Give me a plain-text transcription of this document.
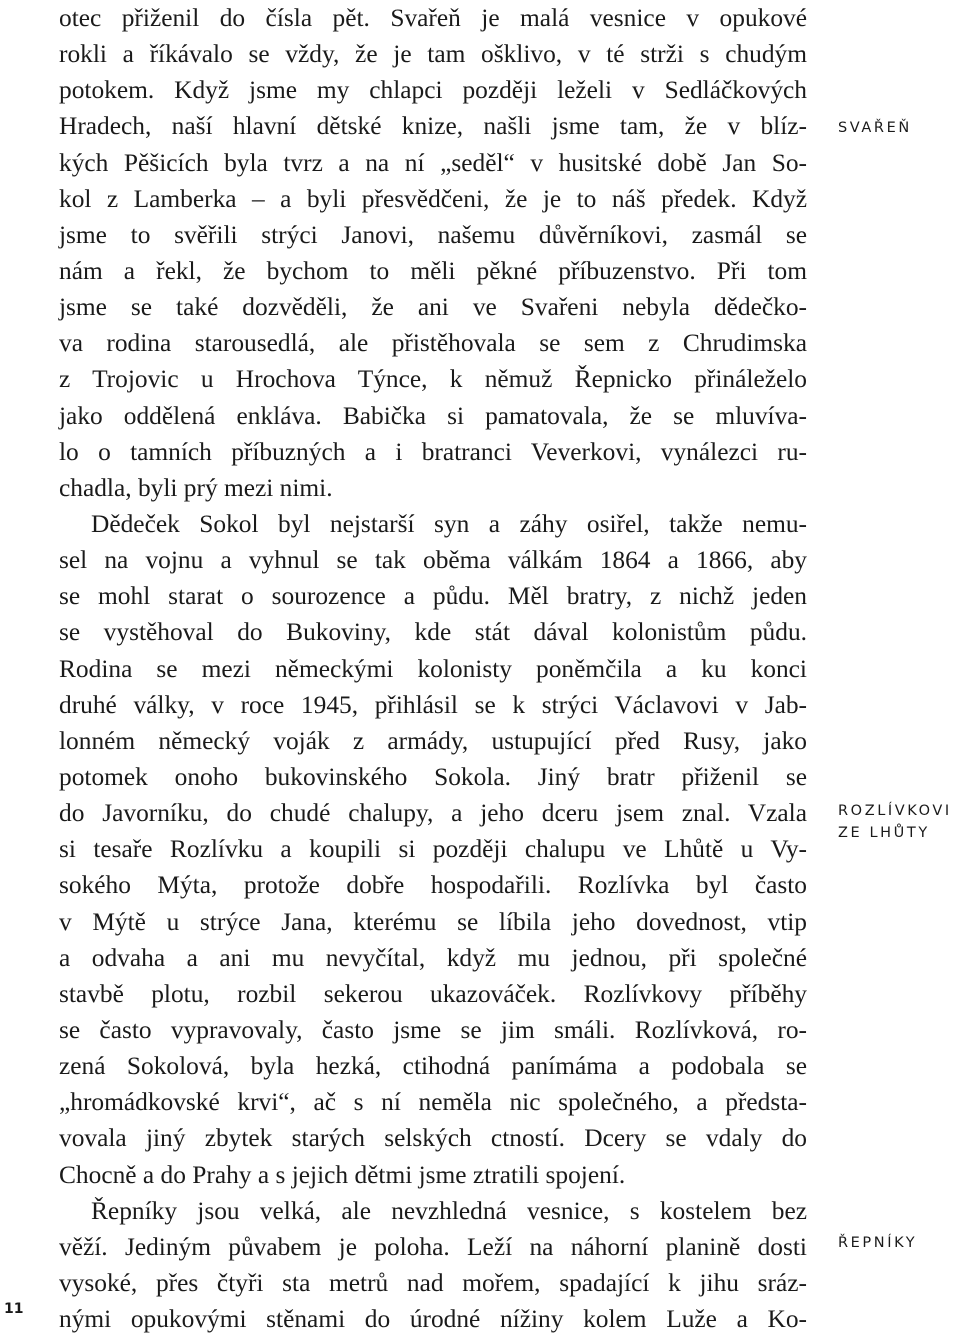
otec přiženil do čísla pět. Svařeň je malá vesnice v opukové
rokli a říkávalo se vždy, že je tam ošklivo, v té strži s chudým
potokem. Když jsme my chlapci později leželi v Sedláčkových
Hradech, naší hlavní dětské knize, našli jsme tam, že v blíz-
kých Pěšicích byla tvrz a na ní „seděl“ v husitské době Jan So-
kol z Lamberka – a byli přesvědčeni, že je to náš předek. Když
jsme to svěřili strýci Janovi, našemu důvěrníkovi, zasmál se
nám a řekl, že bychom to měli pěkné příbuzenstvo. Při tom
jsme se také dozvěděli, že ani ve Svařeni nebyla dědečko-
va rodina starousedlá, ale přistěhovala se sem z Chrudimska
z Trojovic u Hrochova Týnce, k němuž Řepnicko přináleželo
jako oddělená enkláva. Babička si pamatovala, že se mluvíva-
lo o tamních příbuzných a i bratranci Veverkovi, vynálezci ru-
chadla, byli prý mezi nimi.
Dědeček Sokol byl nejstarší syn a záhy osiřel, takže nemu-
sel na vojnu a vyhnul se tak oběma válkám 1864 a 1866, aby
se mohl starat o sourozence a půdu. Měl bratry, z nichž jeden
se vystěhoval do Bukoviny, kde stát dával kolonistům půdu.
Rodina se mezi německými kolonisty poněmčila a ku konci
druhé války, v roce 1945, přihlásil se k strýci Václavovi v Jab-
lonném německý voják z armády, ustupující před Rusy, jako
potomek onoho bukovinského Sokola. Jiný bratr přiženil se
do Javorníku, do chudé chalupy, a jeho dceru jsem znal. Vzala
si tesaře Rozlívku a koupili si později chalupu ve Lhůtě u Vy-
sokého Mýta, protože dobře hospodařili. Rozlívka byl často
v Mýtě u strýce Jana, kterému se líbila jeho dovednost, vtip
a odvaha a ani mu nevyčítal, když mu jednou, při společné
stavbě plotu, rozbil sekerou ukazováček. Rozlívkovy příběhy
se často vypravovaly, často jsme se jim smáli. Rozlívková, ro-
zená Sokolová, byla hezká, ctihodná panímáma a podobala se
„hromádkovské krvi“, ač s ní neměla nic společného, a předsta-
vovala jiný zbytek starých selských ctností. Dcery se vdaly do
Chocně a do Prahy a s jejich dětmi jsme ztratili spojení.
Řepníky jsou velká, ale nevzhledná vesnice, s kostelem bez
věží. Jediným půvabem je poloha. Leží na náhorní planině dosti
vysoké, přes čtyři sta metrů nad mořem, spadající k jihu sráz-
nými opukovými stěnami do úrodné nížiny kolem Luže a Ko-
SVAŘEŇ
ROZLÍVKOVI
ZE LHŮTY
ŘEPNÍKY
11
